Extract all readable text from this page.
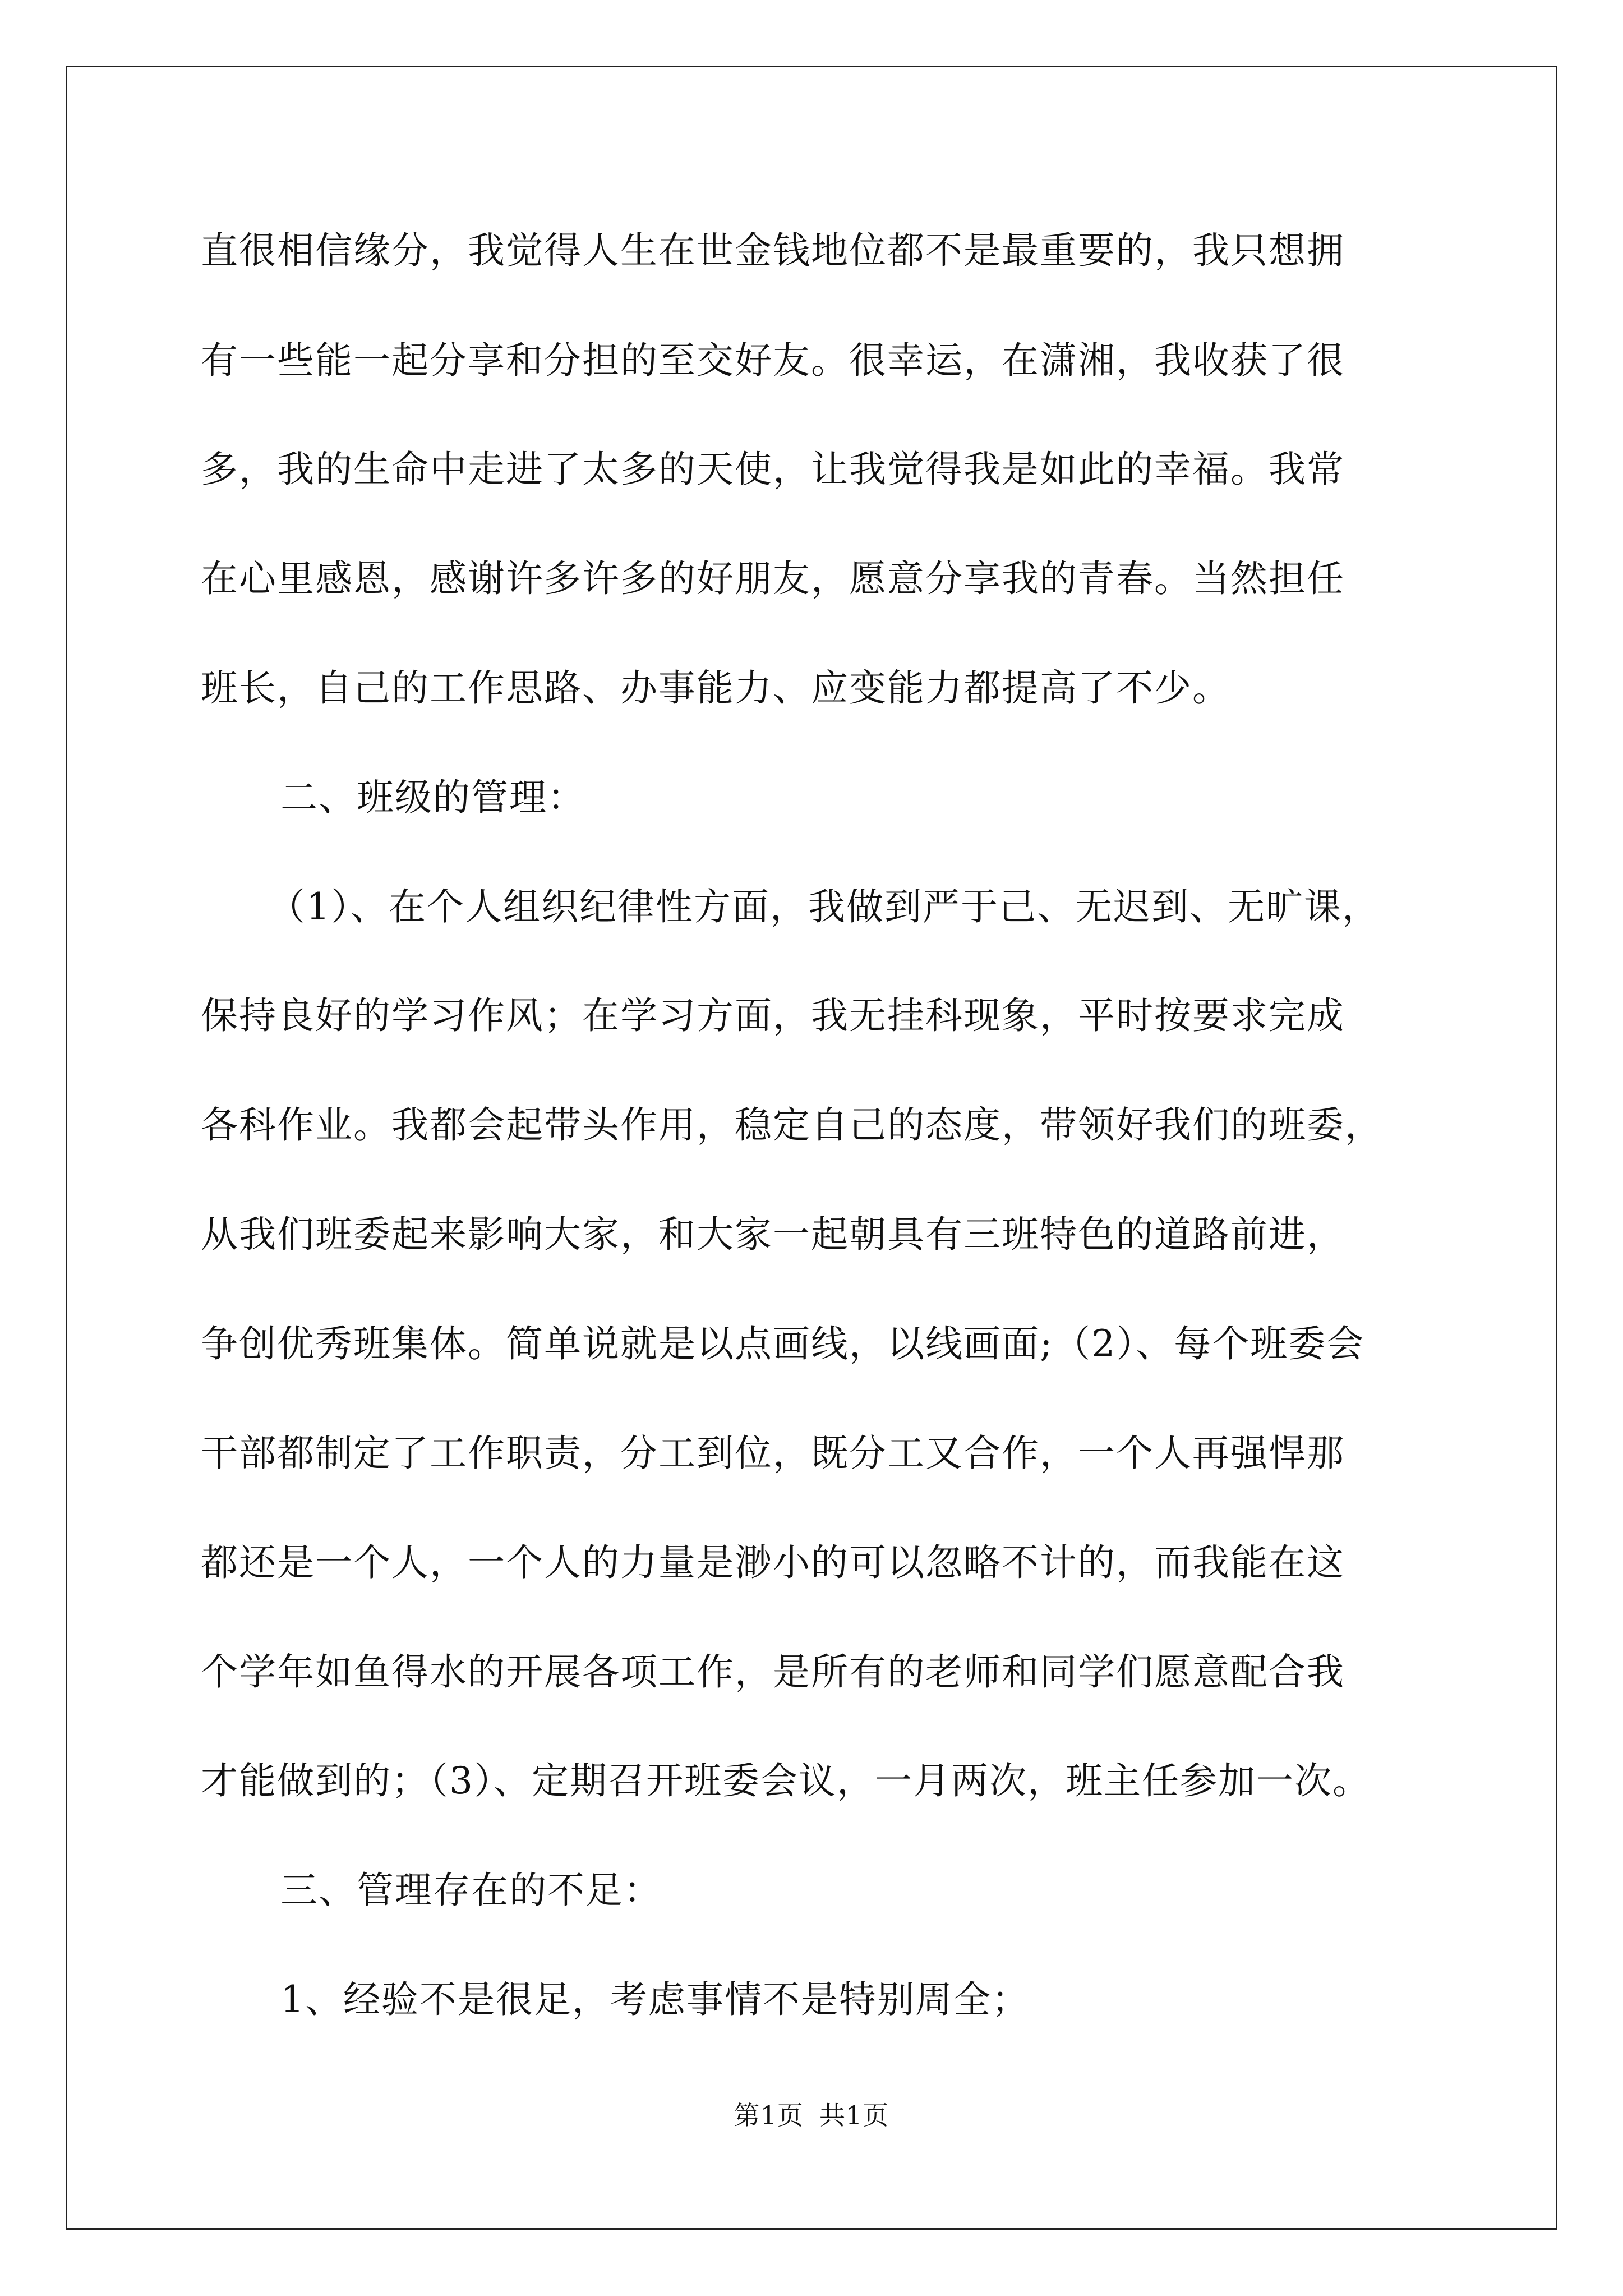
直很相信缘分，我觉得人生在世金钱地位都不是最重要的，我只想拥
有一些能一起分享和分担的至交好友。很幸运，在潇湘，我收获了很
多，我的生命中走进了太多的天使，让我觉得我是如此的幸福。我常
在心里感恩，感谢许多许多的好朋友，愿意分享我的青春。当然担任
班长，自己的工作思路、办事能力、应变能力都提高了不少。
二、班级的管理：
（1）、在个人组织纪律性方面，我做到严于己、无迟到、无旷课，
保持良好的学习作风；在学习方面，我无挂科现象，平时按要求完成
各科作业。我都会起带头作用，稳定自己的态度，带领好我们的班委，
从我们班委起来影响大家，和大家一起朝具有三班特色的道路前进，
争创优秀班集体。简单说就是以点画线，以线画面;（2）、每个班委会
干部都制定了工作职责，分工到位，既分工又合作，一个人再强悍那
都还是一个人，一个人的力量是渺小的可以忽略不计的，而我能在这
个学年如鱼得水的开展各项工作，是所有的老师和同学们愿意配合我
才能做到的；（3）、定期召开班委会议，一月两次，班主任参加一次。
三、管理存在的不足：
1、经验不是很足，考虑事情不是特别周全；
第1页 共1页
